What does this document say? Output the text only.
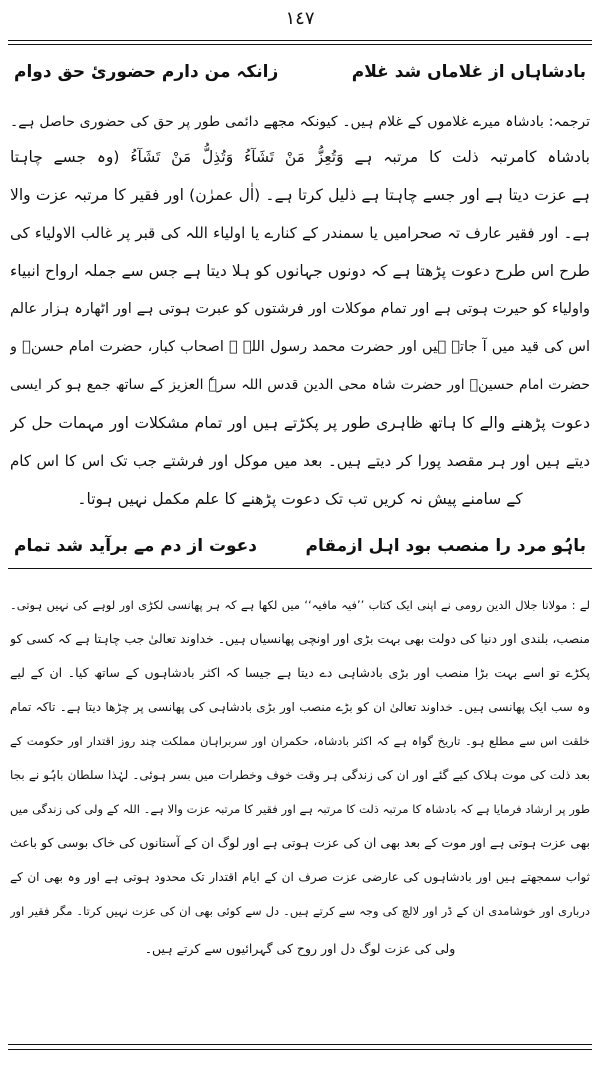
١٤٧
بادشاہاں از غلاماں شد غلام
زانکہ من دارم حضوریٔ حق دوام
ترجمہ: بادشاہ میرے غلاموں کے غلام ہیں۔ کیونکہ مجھے دائمی طور پر حق کی حضوری حاصل ہے۔
بادشاہ کامرتبہ ذلت کا مرتبہ ہے وَتُعِزُّ مَنْ تَشَآءُ وَتُذِلُّ مَنْ تَشَآءُ (وہ جسے چاہتا
ہے عزت دیتا ہے اور جسے چاہتا ہے ذلیل کرتا ہے۔ (اٰل عمرٰن) اور فقیر کا مرتبہ عزت والا
ہے۔ اور فقیر عارف تہ صحرامیں یا سمندر کے کنارے یا اولیاء اللہ کی قبر پر غالب الاولیاء کی
طرح اس طرح دعوت پڑھتا ہے کہ دونوں جہانوں کو ہلا دیتا ہے جس سے جملہ ارواح انبیاء
واولیاء کو حیرت ہوتی ہے اور تمام موکلات اور فرشتوں کو عبرت ہوتی ہے اور اٹھارہ ہزار عالم
اس کی قید میں آ جاتے ہیں اور حضرت محمد رسول اللہ ﷺ اصحاب کبار، حضرت امام حسنؓ و
حضرت امام حسینؓ اور حضرت شاہ محی الدین قدس اللہ سرہٗ العزیز کے ساتھ جمع ہو کر ایسی
دعوت پڑھنے والے کا ہاتھ ظاہری طور پر پکڑتے ہیں اور تمام مشکلات اور مہمات حل کر
دیتے ہیں اور ہر مقصد پورا کر دیتے ہیں۔ بعد میں موکل اور فرشتے جب تک اس کا اس کام
کے سامنے پیش نہ کریں تب تک دعوت پڑھنے کا علم مکمل نہیں ہوتا۔
باہُو مرد را منصب بود اہل ازمقام
دعوت از دم مے برآید شد تمام
لے : مولانا جلال الدین رومی نے اپنی ایک کتاب ’’فیہ مافیہ‘‘ میں لکھا ہے کہ ہر پھانسی لکڑی اور لوہے کی نہیں ہوتی۔
منصب، بلندی اور دنیا کی دولت بھی بہت بڑی اور اونچی پھانسیاں ہیں۔ خداوند تعالیٰ جب چاہتا ہے کہ کسی کو
پکڑے تو اسے بہت بڑا منصب اور بڑی بادشاہی دے دیتا ہے جیسا کہ اکثر بادشاہوں کے ساتھ کیا۔ ان کے لیے
وہ سب ایک پھانسی ہیں۔ خداوند تعالیٰ ان کو بڑے منصب اور بڑی بادشاہی کی پھانسی پر چڑھا دیتا ہے۔ تاکہ تمام
خلقت اس سے مطلع ہو۔ تاریخ گواہ ہے کہ اکثر بادشاہ، حکمران اور سربراہان مملکت چند روز اقتدار اور حکومت کے
بعد ذلت کی موت ہلاک کیے گئے اور ان کی زندگی ہر وقت خوف وخطرات میں بسر ہوئی۔ لہٰذا سلطان باہُو نے بجا
طور پر ارشاد فرمایا ہے کہ بادشاہ کا مرتبہ ذلت کا مرتبہ ہے اور فقیر کا مرتبہ عزت والا ہے۔ اللہ کے ولی کی زندگی میں
بھی عزت ہوتی ہے اور موت کے بعد بھی ان کی عزت ہوتی ہے اور لوگ ان کے آستانوں کی خاک بوسی کو باعث
ثواب سمجھتے ہیں اور بادشاہوں کی عارضی عزت صرف ان کے ایام اقتدار تک محدود ہوتی ہے اور وہ بھی ان کے
درباری اور خوشامدی ان کے ڈر اور لالچ کی وجہ سے کرتے ہیں۔ دل سے کوئی بھی ان کی عزت نہیں کرتا۔ مگر فقیر اور
ولی کی عزت لوگ دل اور روح کی گہرائیوں سے کرتے ہیں۔
